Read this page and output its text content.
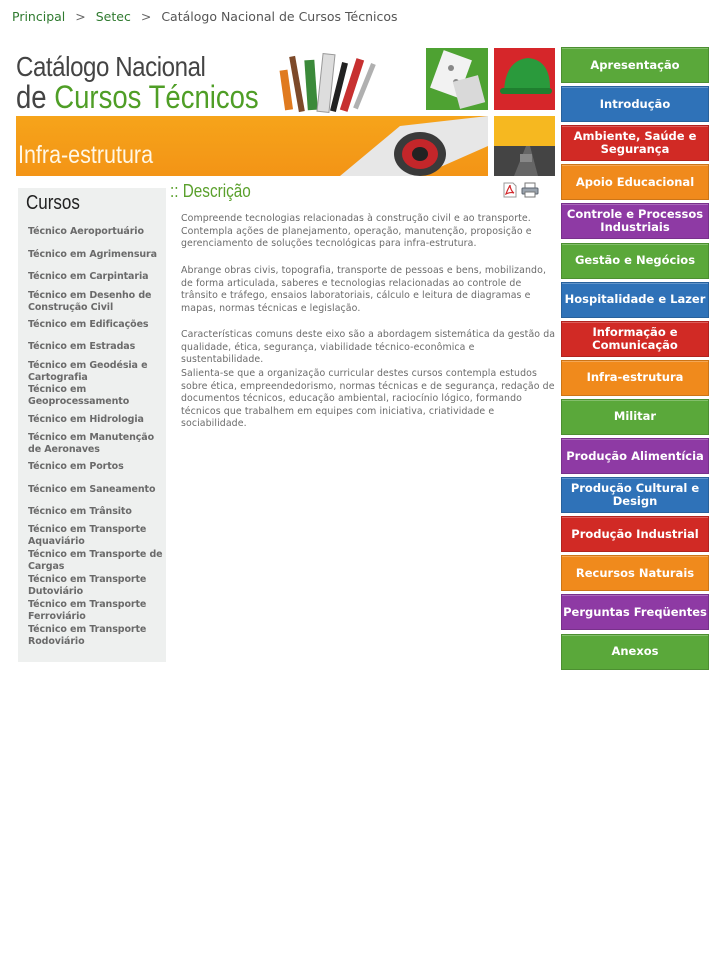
Principal > Setec > Catálogo Nacional de Cursos Técnicos
Catálogo Nacional
de Cursos Técnicos
Infra-estrutura
Cursos
Técnico Aeroportuário
Técnico em Agrimensura
Técnico em Carpintaria
Técnico em Desenho de Construção Civil
Técnico em Edificações
Técnico em Estradas
Técnico em Geodésia e Cartografia
Técnico em Geoprocessamento
Técnico em Hidrologia
Técnico em Manutenção de Aeronaves
Técnico em Portos
Técnico em Saneamento
Técnico em Trânsito
Técnico em Transporte Aquaviário
Técnico em Transporte de Cargas
Técnico em Transporte Dutoviário
Técnico em Transporte Ferroviário
Técnico em Transporte Rodoviário
:: Descrição
Compreende tecnologias relacionadas à construção civil e ao transporte. Contempla ações de planejamento, operação, manutenção, proposição e gerenciamento de soluções tecnológicas para infra-estrutura.
Abrange obras civis, topografia, transporte de pessoas e bens, mobilizando, de forma articulada, saberes e tecnologias relacionadas ao controle de trânsito e tráfego, ensaios laboratoriais, cálculo e leitura de diagramas e mapas, normas técnicas e legislação.
Características comuns deste eixo são a abordagem sistemática da gestão da qualidade, ética, segurança, viabilidade técnico-econômica e sustentabilidade.
Salienta-se que a organização curricular destes cursos contempla estudos sobre ética, empreendedorismo, normas técnicas e de segurança, redação de documentos técnicos, educação ambiental, raciocínio lógico, formando técnicos que trabalhem em equipes com iniciativa, criatividade e sociabilidade.
Apresentação
Introdução
Ambiente, Saúde e Segurança
Apoio Educacional
Controle e Processos Industriais
Gestão e Negócios
Hospitalidade e Lazer
Informação e Comunicação
Infra-estrutura
Militar
Produção Alimentícia
Produção Cultural e Design
Produção Industrial
Recursos Naturais
Perguntas Freqüentes
Anexos
